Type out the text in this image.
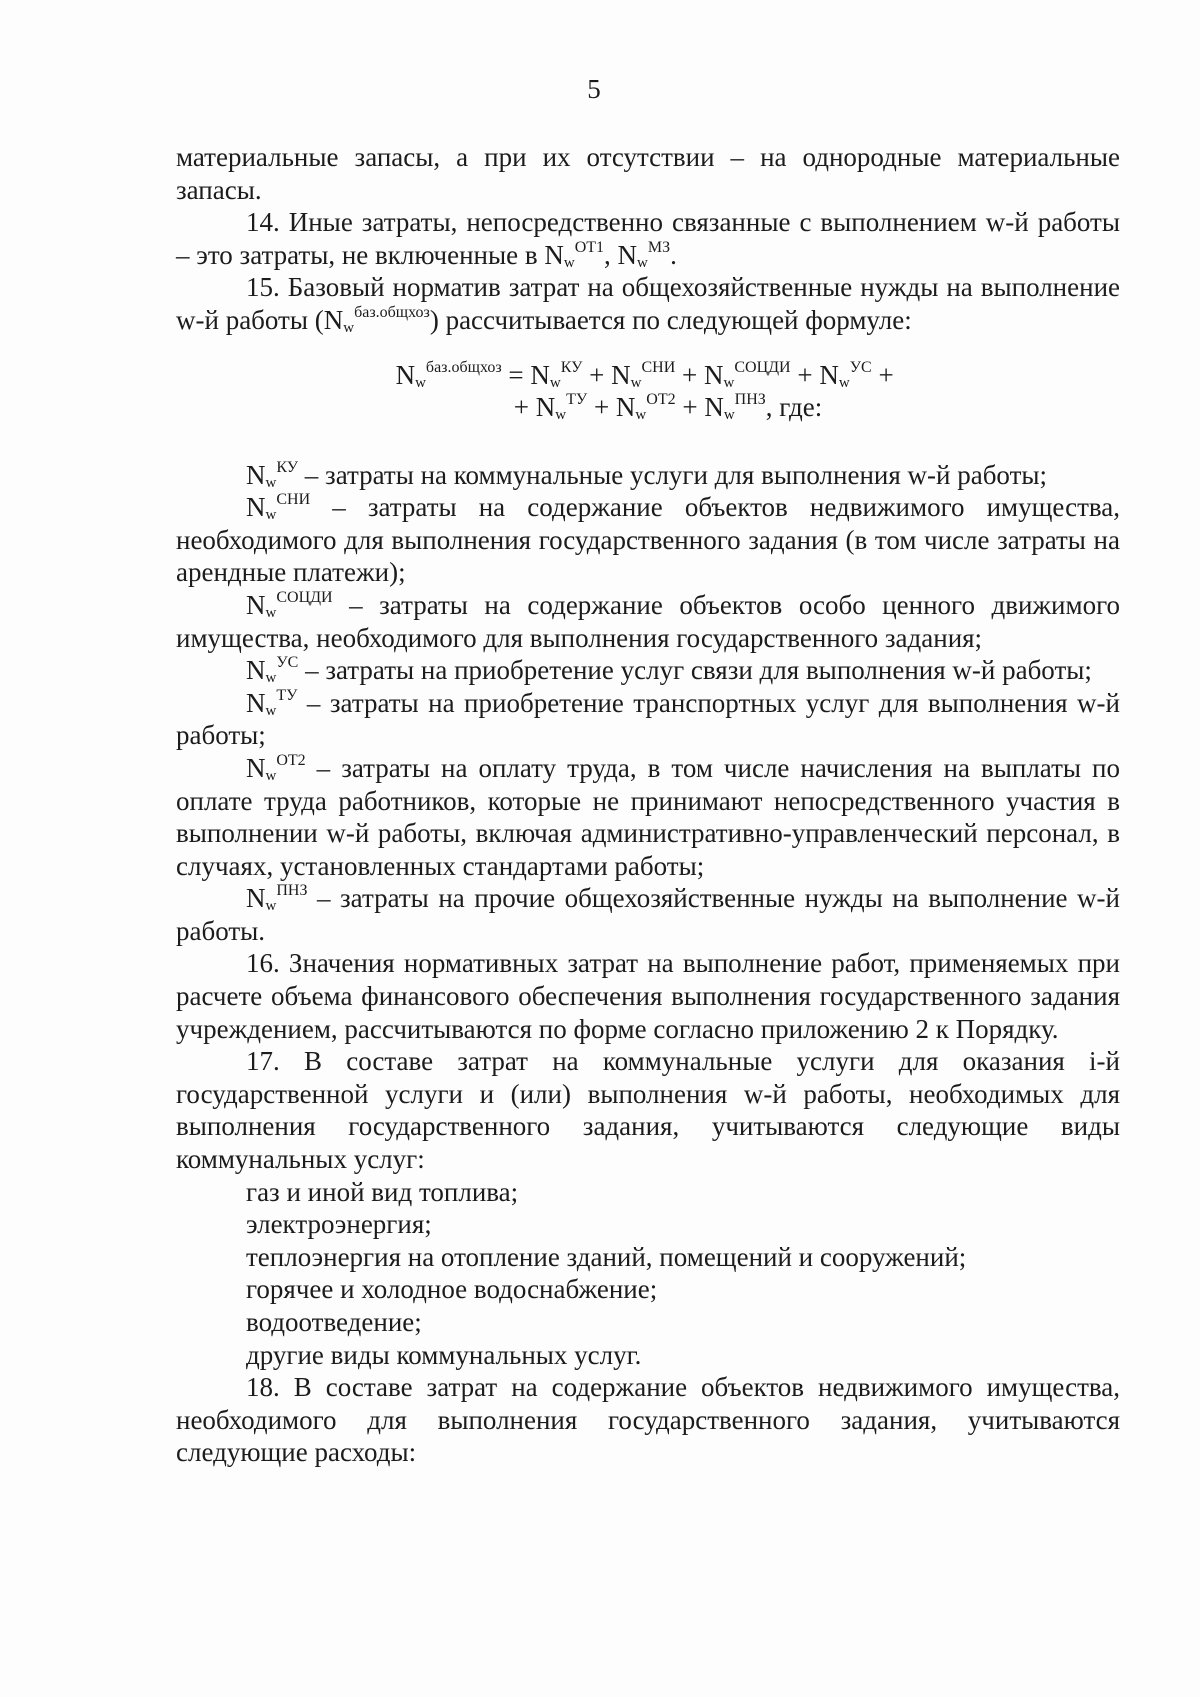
5

материальные запасы, а при их отсутствии – на однородные материальные запасы.

14. Иные затраты, непосредственно связанные с выполнением w-й работы – это затраты, не включенные в $N_w^{ОТ1}$, $N_w^{МЗ}$.

15. Базовый норматив затрат на общехозяйственные нужды на выполнение w-й работы $(N_w^{баз.общхоз})$ рассчитывается по следующей формуле:

$N_w^{баз.общхоз} = N_w^{КУ} + N_w^{СНИ} + N_w^{СОЦДИ} + N_w^{УС}$ +
+ $N_w^{ТУ} + N_w^{ОТ2} + N_w^{ПНЗ}$, где:

$N_w^{КУ}$ – затраты на коммунальные услуги для выполнения w-й работы;

$N_w^{СНИ}$ – затраты на содержание объектов недвижимого имущества, необходимого для выполнения государственного задания (в том числе затраты на арендные платежи);

$N_w^{СОЦДИ}$ – затраты на содержание объектов особо ценного движимого имущества, необходимого для выполнения государственного задания;

$N_w^{УС}$ – затраты на приобретение услуг связи для выполнения w-й работы;

$N_w^{ТУ}$ – затраты на приобретение транспортных услуг для выполнения w-й работы;

$N_w^{ОТ2}$ – затраты на оплату труда, в том числе начисления на выплаты по оплате труда работников, которые не принимают непосредственного участия в выполнении w-й работы, включая административно-управленческий персонал, в случаях, установленных стандартами работы;

$N_w^{ПНЗ}$ – затраты на прочие общехозяйственные нужды на выполнение w-й работы.

16. Значения нормативных затрат на выполнение работ, применяемых при расчете объема финансового обеспечения выполнения государственного задания учреждением, рассчитываются по форме согласно приложению 2 к Порядку.

17. В составе затрат на коммунальные услуги для оказания i-й государственной услуги и (или) выполнения w-й работы, необходимых для выполнения государственного задания, учитываются следующие виды коммунальных услуг:

газ и иной вид топлива;

электроэнергия;

теплоэнергия на отопление зданий, помещений и сооружений;

горячее и холодное водоснабжение;

водоотведение;

другие виды коммунальных услуг.

18. В составе затрат на содержание объектов недвижимого имущества, необходимого для выполнения государственного задания, учитываются следующие расходы:
